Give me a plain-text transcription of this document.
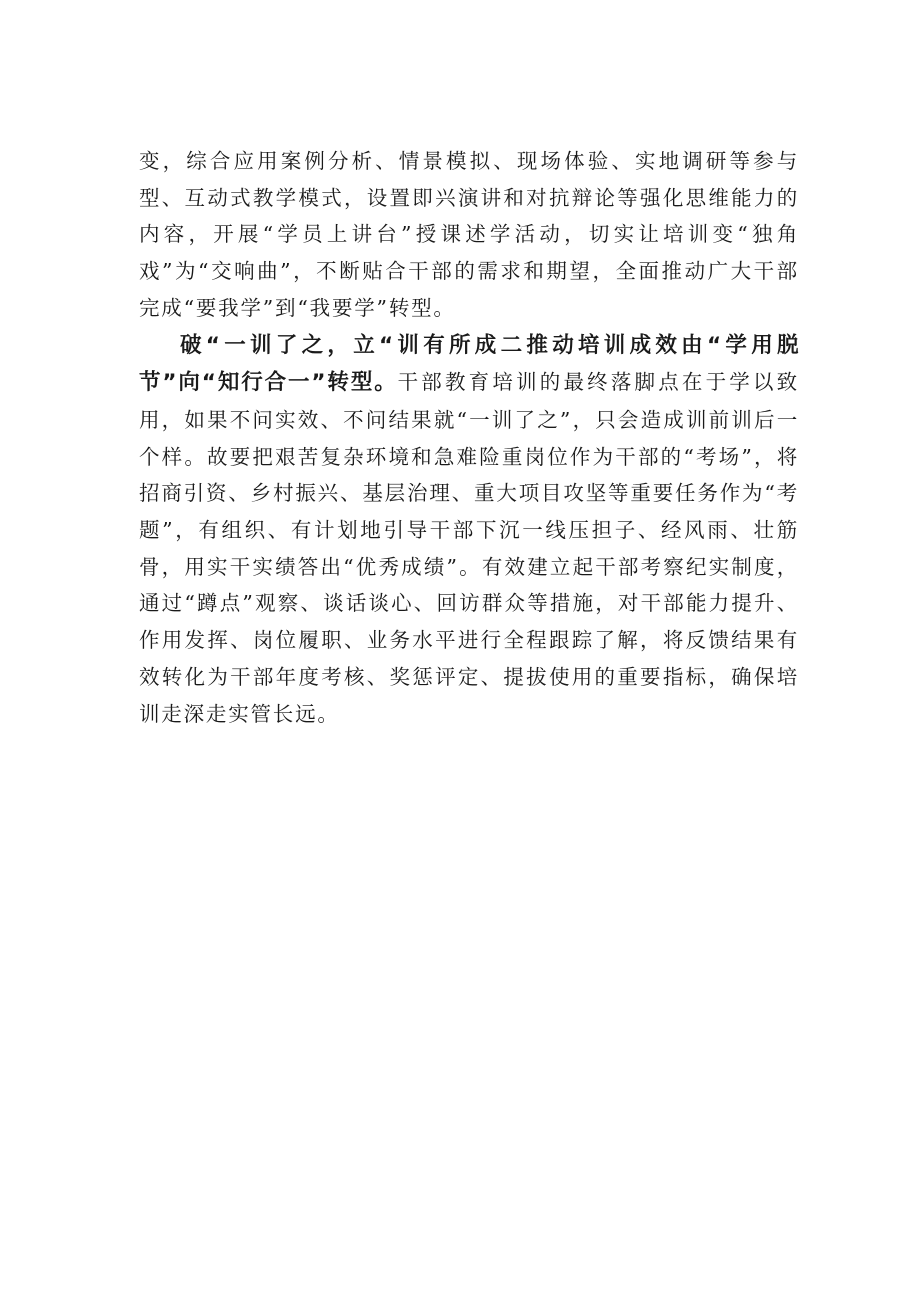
变，综合应用案例分析、情景模拟、现场体验、实地调研等参与型、互动式教学模式，设置即兴演讲和对抗辩论等强化思维能力的内容，开展“学员上讲台”授课述学活动，切实让培训变“独角戏”为“交响曲”，不断贴合干部的需求和期望，全面推动广大干部完成“要我学”到“我要学”转型。

破“一训了之，立“训有所成二推动培训成效由“学用脱节”向“知行合一”转型。干部教育培训的最终落脚点在于学以致用，如果不问实效、不问结果就“一训了之”，只会造成训前训后一个样。故要把艰苦复杂环境和急难险重岗位作为干部的“考场”，将招商引资、乡村振兴、基层治理、重大项目攻坚等重要任务作为“考题”，有组织、有计划地引导干部下沉一线压担子、经风雨、壮筋骨，用实干实绩答出“优秀成绩”。有效建立起干部考察纪实制度，通过“蹲点”观察、谈话谈心、回访群众等措施，对干部能力提升、作用发挥、岗位履职、业务水平进行全程跟踪了解，将反馈结果有效转化为干部年度考核、奖惩评定、提拔使用的重要指标，确保培训走深走实管长远。
